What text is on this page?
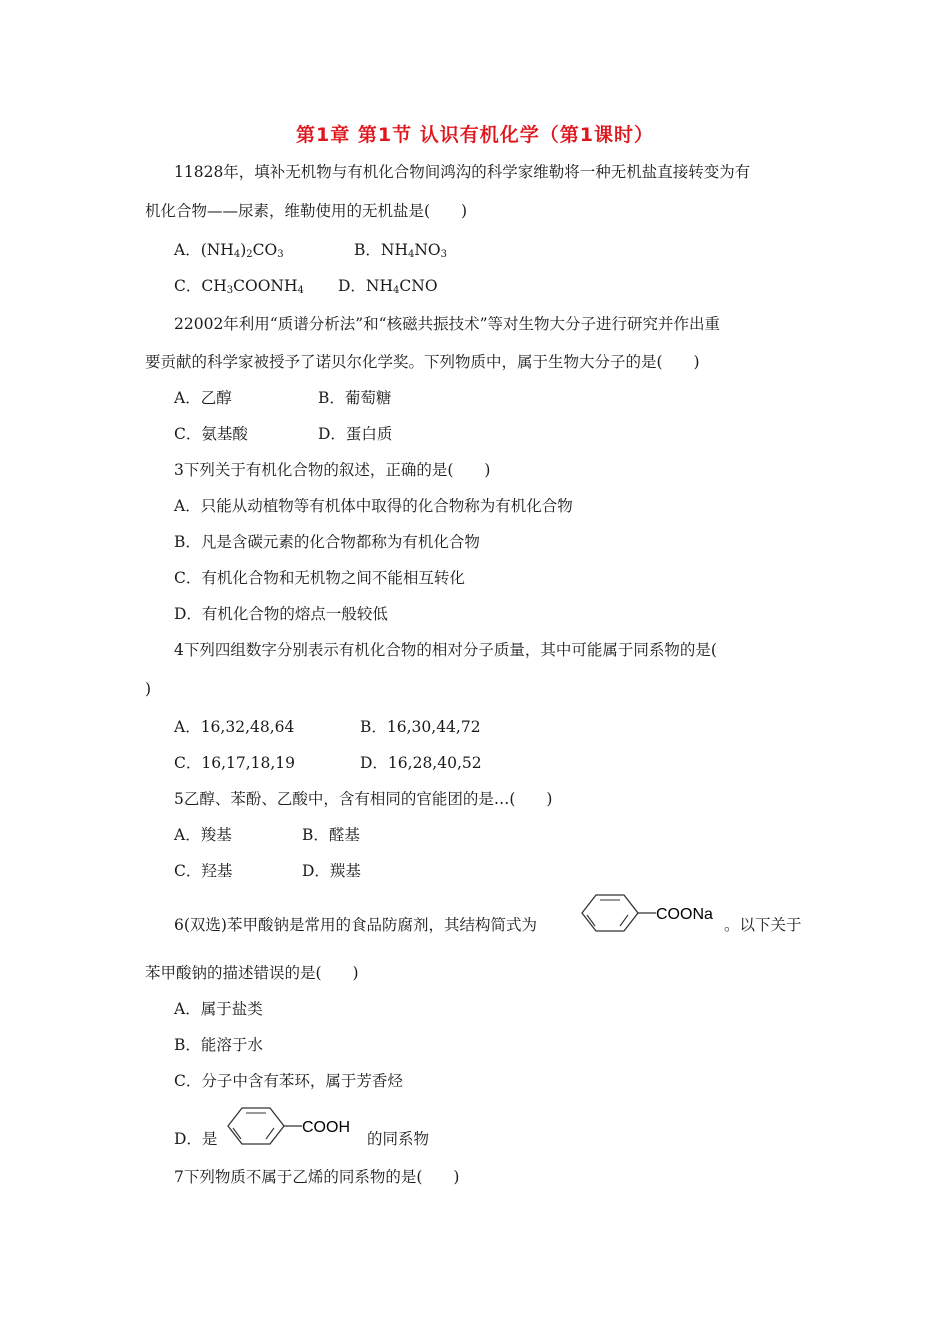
第1章 第1节 认识有机化学（第1课时）
11828年，填补无机物与有机化合物间鸿沟的科学家维勒将一种无机盐直接转变为有
机化合物——尿素，维勒使用的无机盐是(　　)
A．$(NH_4)_2CO_3$	B．$NH_4NO_3$
C．$CH_3COONH_4$ D．$NH_4CNO$
22002年利用“质谱分析法”和“核磁共振技术”等对生物大分子进行研究并作出重
要贡献的科学家被授予了诺贝尔化学奖。下列物质中，属于生物大分子的是(　　)
A．乙醇	B．葡萄糖
C．氨基酸	D．蛋白质
3下列关于有机化合物的叙述，正确的是(　　)
A．只能从动植物等有机体中取得的化合物称为有机化合物
B．凡是含碳元素的化合物都称为有机化合物
C．有机化合物和无机物之间不能相互转化
D．有机化合物的熔点一般较低
4下列四组数字分别表示有机化合物的相对分子质量，其中可能属于同系物的是(
)
A．16,32,48,64	B．16,30,44,72
C．16,17,18,19	D．16,28,40,52
5乙醇、苯酚、乙酸中，含有相同的官能团的是…(　　)
A．羧基	B．醛基
C．羟基	D．羰基
6(双选)苯甲酸钠是常用的食品防腐剂，其结构简式为
COONa
。以下关于
苯甲酸钠的描述错误的是(　　)
A．属于盐类
B．能溶于水
C．分子中含有苯环，属于芳香烃
D．是
COOH
的同系物
7下列物质不属于乙烯的同系物的是(　　)
